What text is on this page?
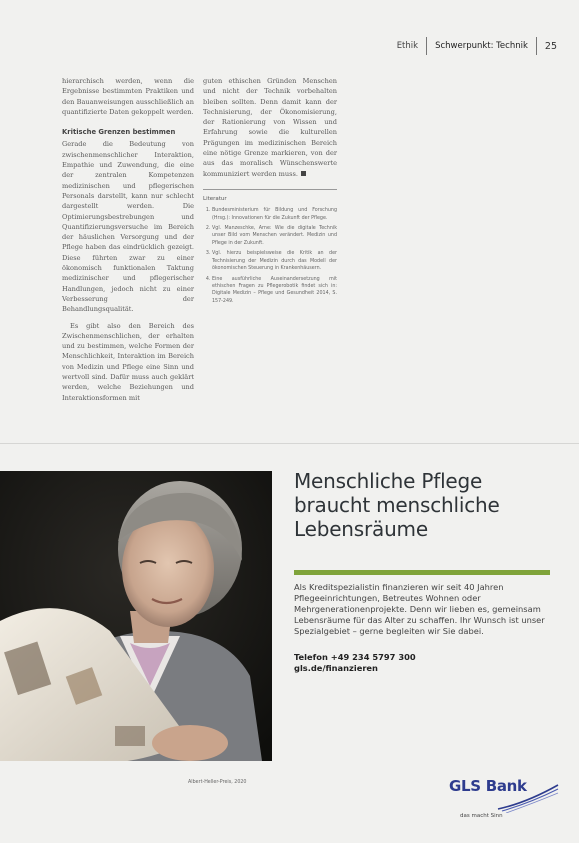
Ethik Schwerpunkt: Technik 25

hierarchisch werden, wenn die Ergebnisse bestimmten Praktiken und den Bauanweisungen ausschließlich an quantifizierte Daten gekoppelt werden.

Kritische Grenzen bestimmen

Gerade die Bedeutung von zwischenmenschlicher Interaktion, Empathie und Zuwendung, die eine der zentralen Kompetenzen medizinischen und pflegerischen Personals darstellt, kann nur schlecht dargestellt werden. Die Optimierungsbestrebungen und Quantifizierungsversuche im Bereich der häuslichen Versorgung und der Pflege haben das eindrücklich gezeigt. Diese führten zwar zu einer ökonomisch funktionalen Taktung medizinischer und pflegerischer Handlungen, jedoch nicht zu einer Verbesserung der Behandlungsqualität.

Es gibt also den Bereich des Zwischenmenschlichen, der erhalten und zu bestimmen, welche Formen der Menschlichkeit, Interaktion im Bereich von Medizin und Pflege eine Sinn und wertvoll sind. Dafür muss auch geklärt werden, welche Beziehungen und Interaktionsformen mit

guten ethischen Gründen Menschen und nicht der Technik vorbehalten bleiben sollten. Denn damit kann der Technisierung, der Ökonomisierung, der Rationierung von Wissen und Erfahrung sowie die kulturellen Prägungen im medizinischen Bereich eine nötige Grenze markieren, von der aus das moralisch Wünschenswerte kommuniziert werden muss.

Literatur
1. Bundesministerium für Bildung und Forschung (Hrsg.): Innovationen für die Zukunft der Pflege.
2. Vgl. Manzeschke, Arne: Wie die digitale Technik unser Bild vom Menschen verändert. Medizin und Pflege in der Zukunft.
3. Vgl. hierzu beispielsweise die Kritik an der Technisierung der Medizin durch das Modell der ökonomischen Steuerung in Krankenhäusern.
4. Eine ausführliche Auseinandersetzung mit ethischen Fragen zu Pflegerobotik findet sich in: Digitale Medizin – Pflege und Gesundheit 2014, S. 157-249.
Albert-Heller-Preis, 2020
Menschliche Pflege braucht menschliche Lebensräume
Als Kreditspezialistin finanzieren wir seit 40 Jahren Pflegeeinrichtungen, Betreutes Wohnen oder Mehrgenerationenprojekte. Denn wir lieben es, gemeinsam Lebensräume für das Alter zu schaffen. Ihr Wunsch ist unser Spezialgebiet – gerne begleiten wir Sie dabei.
Telefon +49 234 5797 300
gls.de/finanzieren
GLS Bank
das macht Sinn
